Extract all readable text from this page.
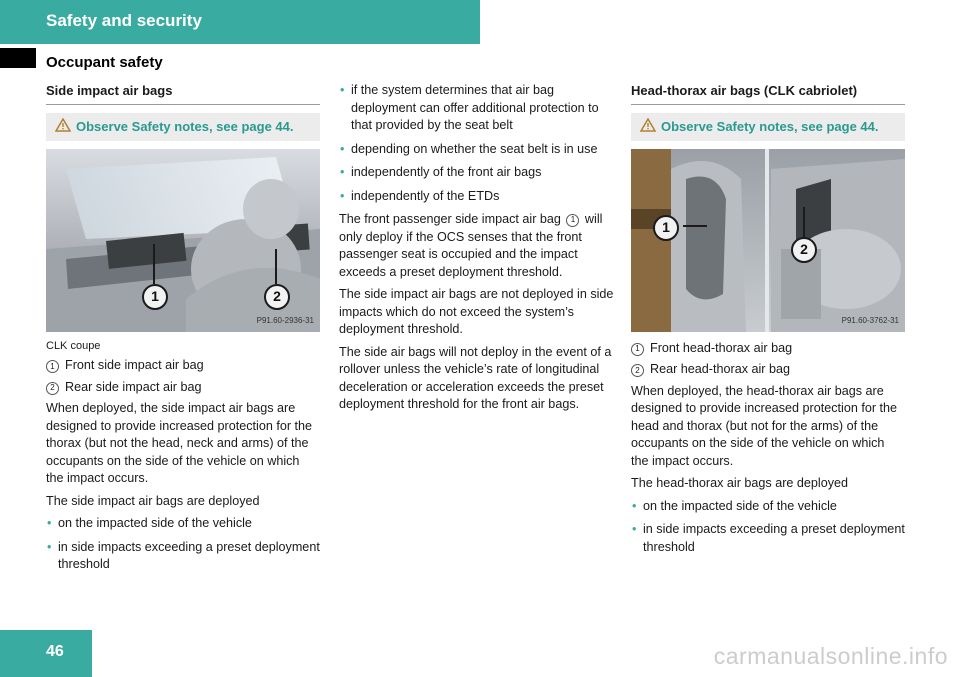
Safety and security
Occupant safety
Side impact air bags
Observe Safety notes, see page 44.
1	2
P91.60-2936-31
CLK coupe
1 Front side impact air bag
2 Rear side impact air bag

When deployed, the side impact air bags are designed to provide increased protection for the thorax (but not the head, neck and arms) of the occupants on the side of the vehicle on which the impact occurs.

The side impact air bags are deployed

• on the impacted side of the vehicle
• in side impacts exceeding a preset deployment threshold
• if the system determines that air bag deployment can offer additional protection to that provided by the seat belt
• depending on whether the seat belt is in use
• independently of the front air bags
• independently of the ETDs

The front passenger side impact air bag 1 will only deploy if the OCS senses that the front passenger seat is occupied and the impact exceeds a preset deployment threshold.

The side impact air bags are not deployed in side impacts which do not exceed the system’s deployment threshold.

The side air bags will not deploy in the event of a rollover unless the vehicle’s rate of longitudinal deceleration or acceleration exceeds the preset deployment threshold for the front air bags.

Head-thorax air bags (CLK cabriolet)
Observe Safety notes, see page 44.
1
2
P91.60-3762-31
1 Front head-thorax air bag
2 Rear head-thorax air bag

When deployed, the head-thorax air bags are designed to provide increased protection for the head and thorax (but not for the arms) of the occupants on the side of the vehicle on which the impact occurs.

The head-thorax air bags are deployed

• on the impacted side of the vehicle
• in side impacts exceeding a preset deployment threshold
46	carmanualsonline.info
